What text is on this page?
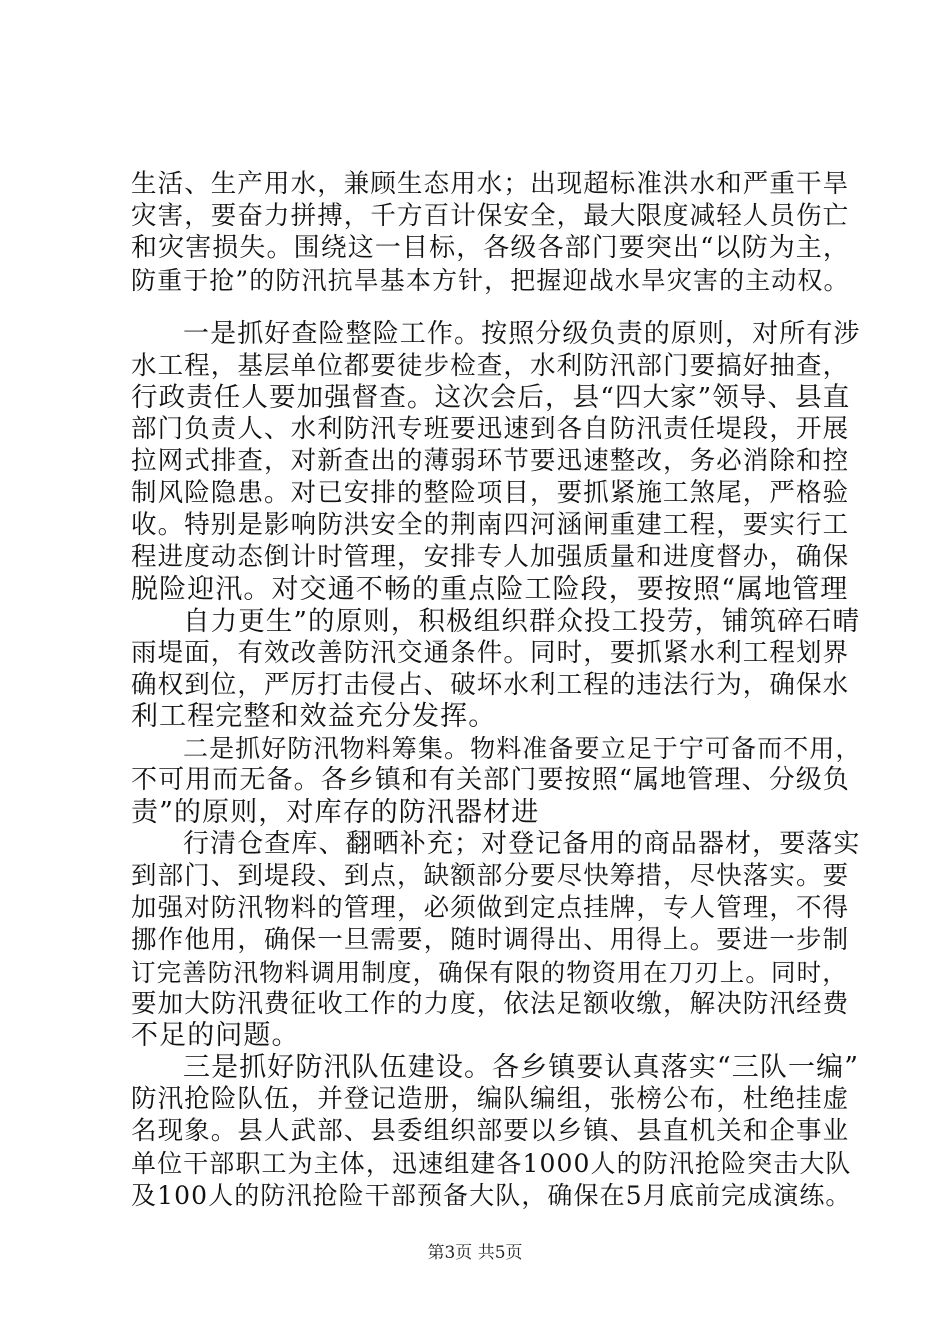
生活、生产用水，兼顾生态用水；出现超标准洪水和严重干旱
灾害，要奋力拼搏，千方百计保安全，最大限度减轻人员伤亡
和灾害损失。围绕这一目标，各级各部门要突出“以防为主，
防重于抢”的防汛抗旱基本方针，把握迎战水旱灾害的主动权。
一是抓好查险整险工作。按照分级负责的原则，对所有涉
水工程，基层单位都要徒步检查，水利防汛部门要搞好抽查，
行政责任人要加强督查。这次会后，县“四大家”领导、县直
部门负责人、水利防汛专班要迅速到各自防汛责任堤段，开展
拉网式排查，对新查出的薄弱环节要迅速整改，务必消除和控
制风险隐患。对已安排的整险项目，要抓紧施工煞尾，严格验
收。特别是影响防洪安全的荆南四河涵闸重建工程，要实行工
程进度动态倒计时管理，安排专人加强质量和进度督办，确保
脱险迎汛。对交通不畅的重点险工险段，要按照“属地管理
自力更生”的原则，积极组织群众投工投劳，铺筑碎石晴
雨堤面，有效改善防汛交通条件。同时，要抓紧水利工程划界
确权到位，严厉打击侵占、破坏水利工程的违法行为，确保水
利工程完整和效益充分发挥。
二是抓好防汛物料筹集。物料准备要立足于宁可备而不用，
不可用而无备。各乡镇和有关部门要按照“属地管理、分级负
责”的原则，对库存的防汛器材进
行清仓查库、翻晒补充；对登记备用的商品器材，要落实
到部门、到堤段、到点，缺额部分要尽快筹措，尽快落实。要
加强对防汛物料的管理，必须做到定点挂牌，专人管理，不得
挪作他用，确保一旦需要，随时调得出、用得上。要进一步制
订完善防汛物料调用制度，确保有限的物资用在刀刃上。同时，
要加大防汛费征收工作的力度，依法足额收缴，解决防汛经费
不足的问题。
三是抓好防汛队伍建设。各乡镇要认真落实“三队一编”
防汛抢险队伍，并登记造册，编队编组，张榜公布，杜绝挂虚
名现象。县人武部、县委组织部要以乡镇、县直机关和企事业
单位干部职工为主体，迅速组建各1000人的防汛抢险突击大队
及100人的防汛抢险干部预备大队，确保在5月底前完成演练。
第3页 共5页
